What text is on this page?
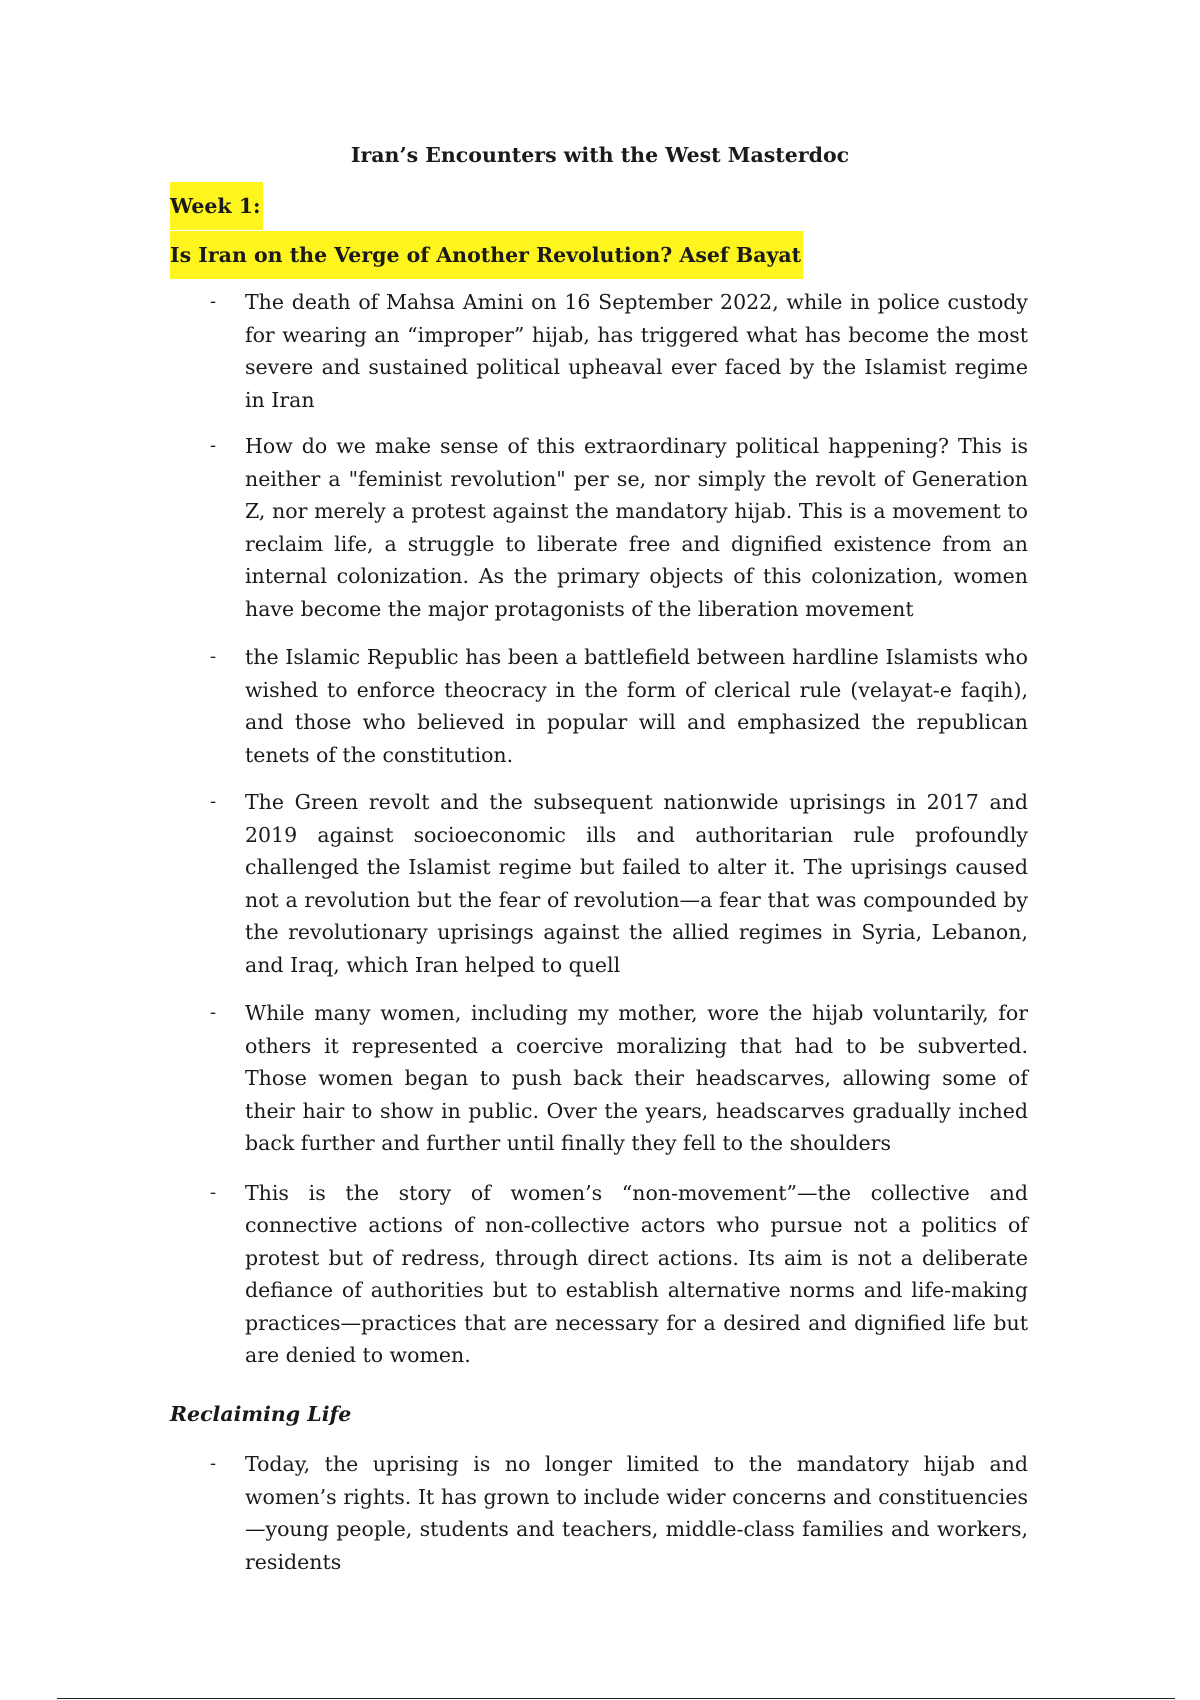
Iran’s Encounters with the West Masterdoc

Week 1:

Is Iran on the Verge of Another Revolution? Asef Bayat

- The death of Mahsa Amini on 16 September 2022, while in police custody for wearing an “improper” hijab, has triggered what has become the most severe and sustained political upheaval ever faced by the Islamist regime in Iran
- How do we make sense of this extraordinary political happening? This is neither a "feminist revolution" per se, nor simply the revolt of Generation Z, nor merely a protest against the mandatory hijab. This is a movement to reclaim life, a struggle to liberate free and dignified existence from an internal colonization. As the primary objects of this colonization, women have become the major protagonists of the liberation movement
- the Islamic Republic has been a battlefield between hardline Islamists who wished to enforce theocracy in the form of clerical rule (velayat-e faqih), and those who believed in popular will and emphasized the republican tenets of the constitution.
- The Green revolt and the subsequent nationwide uprisings in 2017 and 2019 against socioeconomic ills and authoritarian rule profoundly challenged the Islamist regime but failed to alter it. The uprisings caused not a revolution but the fear of revolution—a fear that was compounded by the revolutionary uprisings against the allied regimes in Syria, Lebanon, and Iraq, which Iran helped to quell
- While many women, including my mother, wore the hijab voluntarily, for others it represented a coercive moralizing that had to be subverted. Those women began to push back their headscarves, allowing some of their hair to show in public. Over the years, headscarves gradually inched back further and further until finally they fell to the shoulders
- This is the story of women’s “non-movement”—the collective and connective actions of non-collective actors who pursue not a politics of protest but of redress, through direct actions. Its aim is not a deliberate defiance of authorities but to establish alternative norms and life-making practices—practices that are necessary for a desired and dignified life but are denied to women.
Reclaiming Life
- Today, the uprising is no longer limited to the mandatory hijab and women’s rights. It has grown to include wider concerns and constituencies—young people, students and teachers, middle-class families and workers, residents
